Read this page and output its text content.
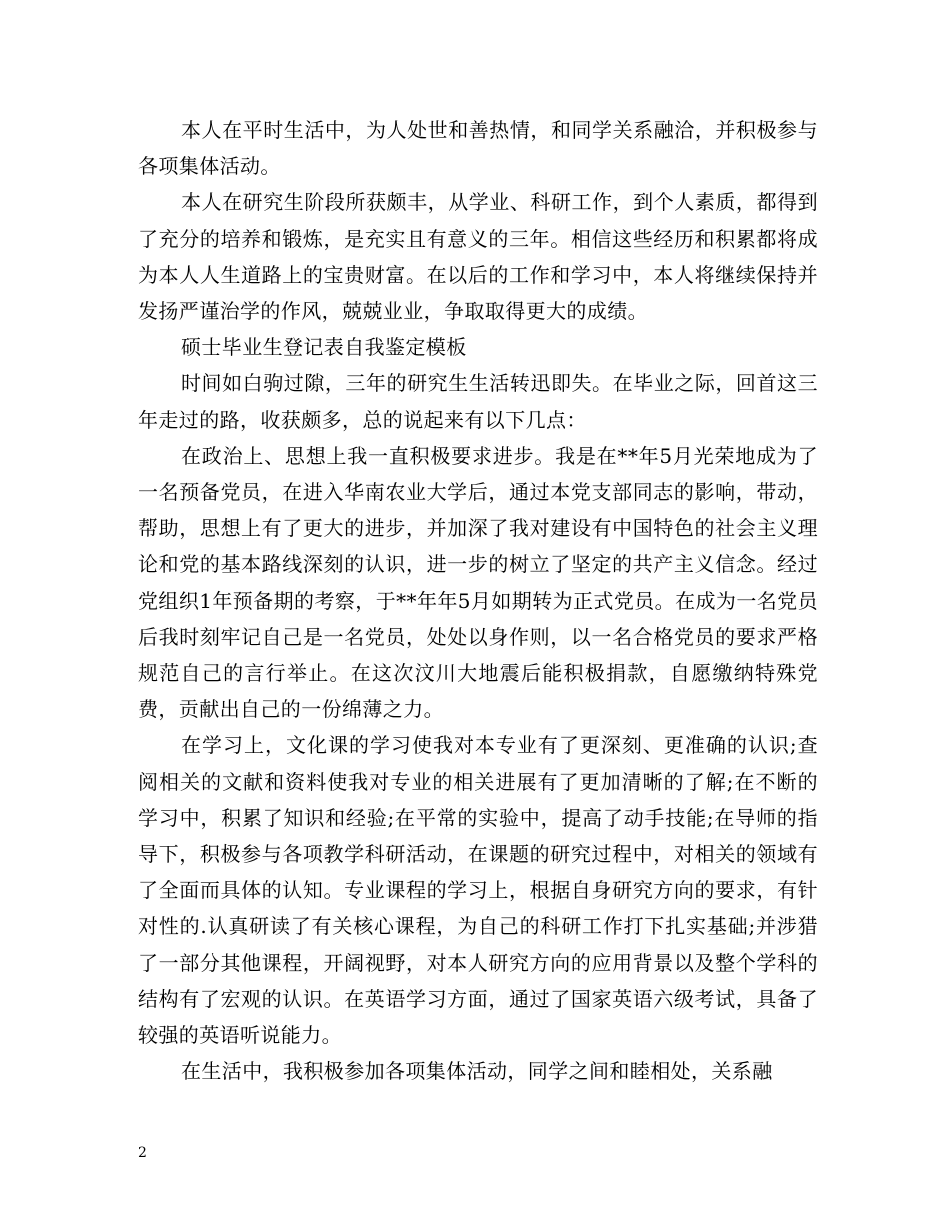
本人在平时生活中，为人处世和善热情，和同学关系融洽，并积极参与各项集体活动。

本人在研究生阶段所获颇丰，从学业、科研工作，到个人素质，都得到了充分的培养和锻炼，是充实且有意义的三年。相信这些经历和积累都将成为本人人生道路上的宝贵财富。在以后的工作和学习中，本人将继续保持并发扬严谨治学的作风，兢兢业业，争取取得更大的成绩。

硕士毕业生登记表自我鉴定模板

时间如白驹过隙，三年的研究生生活转迅即失。在毕业之际，回首这三年走过的路，收获颇多，总的说起来有以下几点：

在政治上、思想上我一直积极要求进步。我是在**年5月光荣地成为了一名预备党员，在进入华南农业大学后，通过本党支部同志的影响，带动，帮助，思想上有了更大的进步，并加深了我对建设有中国特色的社会主义理论和党的基本路线深刻的认识，进一步的树立了坚定的共产主义信念。经过党组织1年预备期的考察，于**年年5月如期转为正式党员。在成为一名党员后我时刻牢记自己是一名党员，处处以身作则，以一名合格党员的要求严格规范自己的言行举止。在这次汶川大地震后能积极捐款，自愿缴纳特殊党费，贡献出自己的一份绵薄之力。

在学习上，文化课的学习使我对本专业有了更深刻、更准确的认识;查阅相关的文献和资料使我对专业的相关进展有了更加清晰的了解;在不断的学习中，积累了知识和经验;在平常的实验中，提高了动手技能;在导师的指导下，积极参与各项教学科研活动，在课题的研究过程中，对相关的领域有了全面而具体的认知。专业课程的学习上，根据自身研究方向的要求，有针对性的.认真研读了有关核心课程，为自己的科研工作打下扎实基础;并涉猎了一部分其他课程，开阔视野，对本人研究方向的应用背景以及整个学科的结构有了宏观的认识。在英语学习方面，通过了国家英语六级考试，具备了较强的英语听说能力。

在生活中，我积极参加各项集体活动，同学之间和睦相处，关系融

2
